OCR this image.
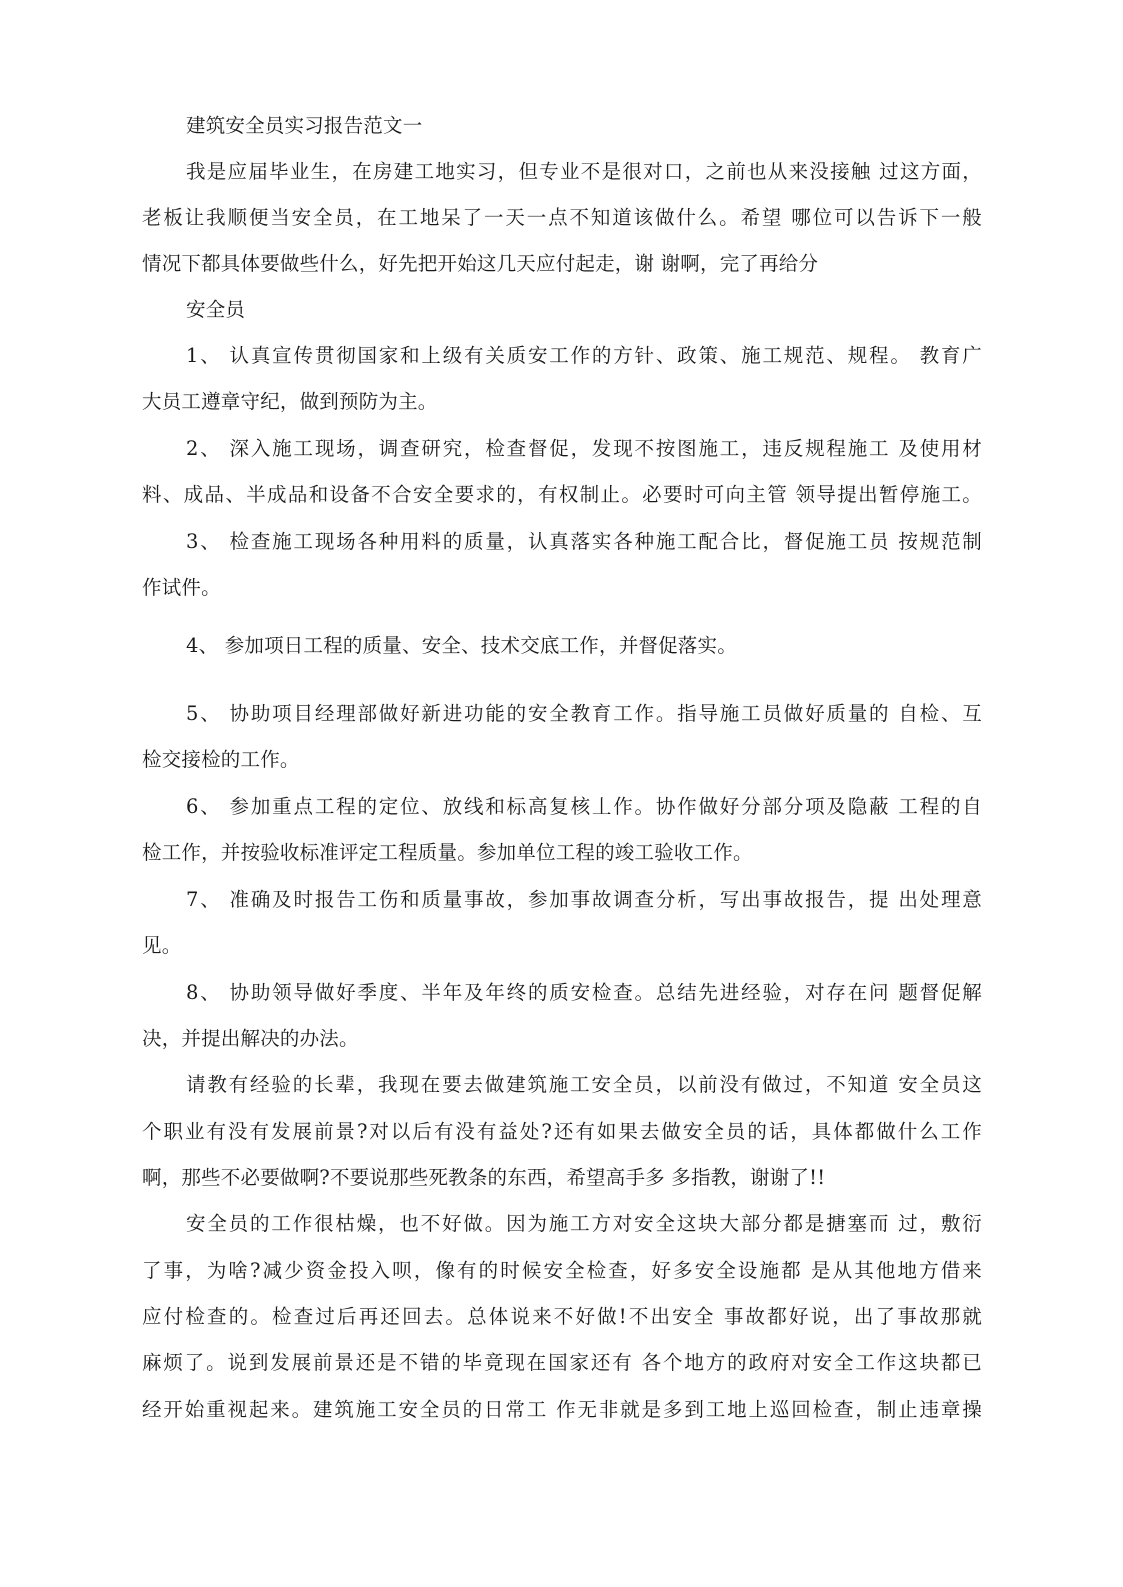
建筑安全员实习报告范文一
我是应届毕业生，在房建工地实习，但专业不是很对口，之前也从来没接触 过这方面，
老板让我顺便当安全员，在工地呆了一天一点不知道该做什么。希望 哪位可以告诉下一般
情况下都具体要做些什么，好先把开始这几天应付起走，谢 谢啊，完了再给分
安全员
1、 认真宣传贯彻国家和上级有关质安工作的方针、政策、施工规范、规程。 教育广
大员工遵章守纪，做到预防为主。
2、 深入施工现场，调查研究，检查督促，发现不按图施工，违反规程施工 及使用材
料、成品、半成品和设备不合安全要求的，有权制止。必要时可向主管 领导提出暂停施工。
3、 检查施工现场各种用料的质量，认真落实各种施工配合比，督促施工员 按规范制
作试件。
4、 参加项日工程的质量、安全、技术交底工作，并督促落实。
5、 协助项目经理部做好新进功能的安全教育工作。指导施工员做好质量的 自检、互
检交接检的工作。
6、 参加重点工程的定位、放线和标高复核丄作。协作做好分部分项及隐蔽 工程的自
检工作，并按验收标准评定工程质量。参加单位工程的竣工验收工作。
7、 准确及时报告工伤和质量事故，参加事故调查分析，写出事故报告，提 出处理意
见。
8、 协助领导做好季度、半年及年终的质安检查。总结先进经验，对存在问 题督促解
决，并提出解决的办法。
请教有经验的长辈，我现在要去做建筑施工安全员，以前没有做过，不知道 安全员这
个职业有没有发展前景?对以后有没有益处?还有如果去做安全员的话，具体都做什么工作
啊，那些不必要做啊?不要说那些死教条的东西，希望高手多 多指教，谢谢了!!
安全员的工作很枯燥，也不好做。因为施工方对安全这块大部分都是搪塞而 过，敷衍
了事，为啥?减少资金投入呗，像有的时候安全检查，好多安全设施都 是从其他地方借来
应付检查的。检查过后再还回去。总体说来不好做!不出安全 事故都好说，出了事故那就
麻烦了。说到发展前景还是不错的毕竟现在国家还有 各个地方的政府对安全工作这块都已
经开始重视起来。建筑施工安全员的日常工 作无非就是多到工地上巡回检查，制止违章操
